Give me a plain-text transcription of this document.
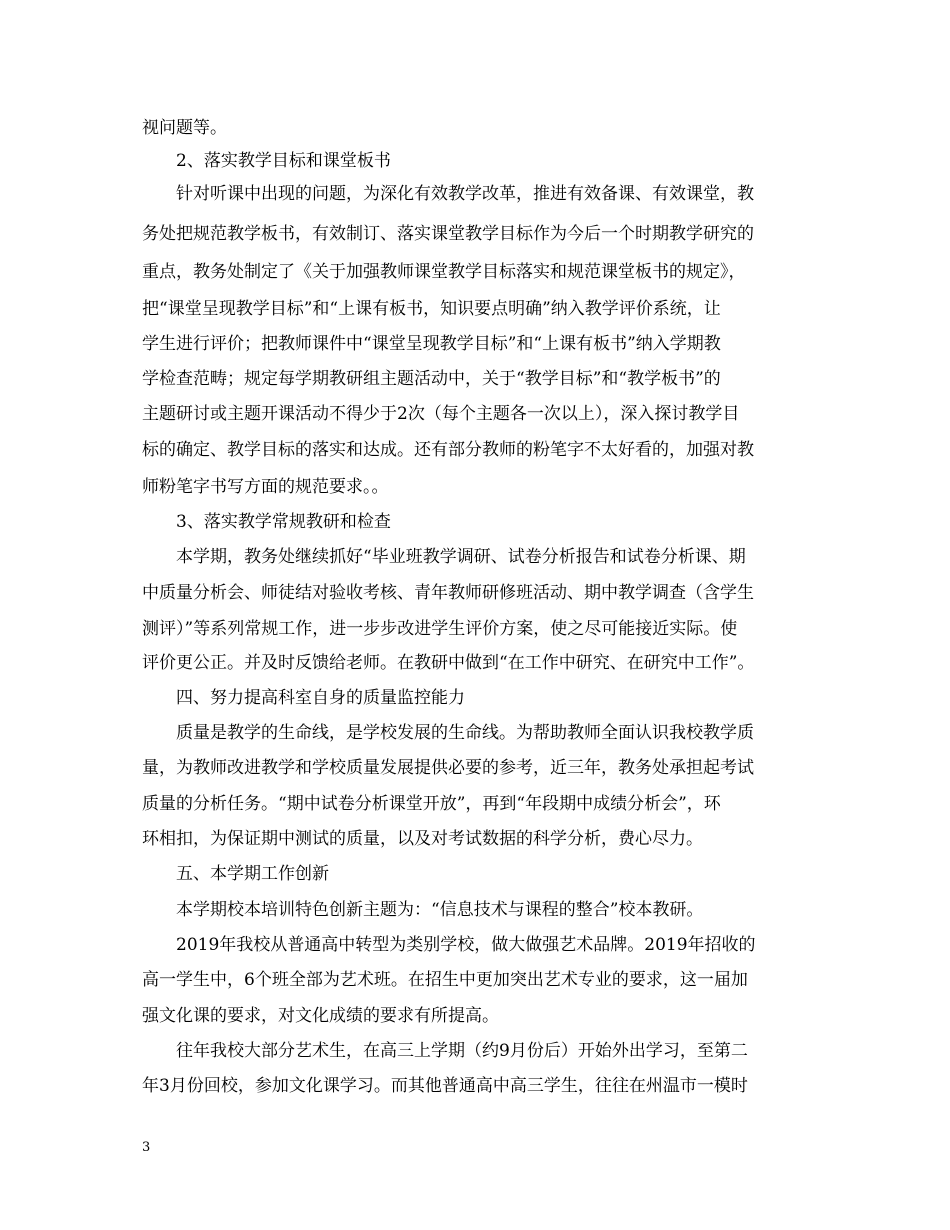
视问题等。
2、落实教学目标和课堂板书
针对听课中出现的问题，为深化有效教学改革，推进有效备课、有效课堂，教
务处把规范教学板书，有效制订、落实课堂教学目标作为今后一个时期教学研究的
重点，教务处制定了《关于加强教师课堂教学目标落实和规范课堂板书的规定》，
把“课堂呈现教学目标”和“上课有板书，知识要点明确”纳入教学评价系统，让
学生进行评价；把教师课件中“课堂呈现教学目标”和“上课有板书”纳入学期教
学检查范畴；规定每学期教研组主题活动中，关于“教学目标”和“教学板书”的
主题研讨或主题开课活动不得少于2次（每个主题各一次以上），深入探讨教学目
标的确定、教学目标的落实和达成。还有部分教师的粉笔字不太好看的，加强对教
师粉笔字书写方面的规范要求。。
3、落实教学常规教研和检查
本学期，教务处继续抓好“毕业班教学调研、试卷分析报告和试卷分析课、期
中质量分析会、师徒结对验收考核、青年教师研修班活动、期中教学调查（含学生
测评）”等系列常规工作，进一步步改进学生评价方案，使之尽可能接近实际。使
评价更公正。并及时反馈给老师。在教研中做到“在工作中研究、在研究中工作”。
四、努力提高科室自身的质量监控能力
质量是教学的生命线，是学校发展的生命线。为帮助教师全面认识我校教学质
量，为教师改进教学和学校质量发展提供必要的参考，近三年，教务处承担起考试
质量的分析任务。“期中试卷分析课堂开放”，再到“年段期中成绩分析会”，环
环相扣，为保证期中测试的质量，以及对考试数据的科学分析，费心尽力。
五、本学期工作创新
本学期校本培训特色创新主题为：“信息技术与课程的整合”校本教研。
2019年我校从普通高中转型为类别学校，做大做强艺术品牌。2019年招收的
高一学生中，6个班全部为艺术班。在招生中更加突出艺术专业的要求，这一届加
强文化课的要求，对文化成绩的要求有所提高。
往年我校大部分艺术生，在高三上学期（约9月份后）开始外出学习，至第二
年3月份回校，参加文化课学习。而其他普通高中高三学生，往往在州温市一模时
3
